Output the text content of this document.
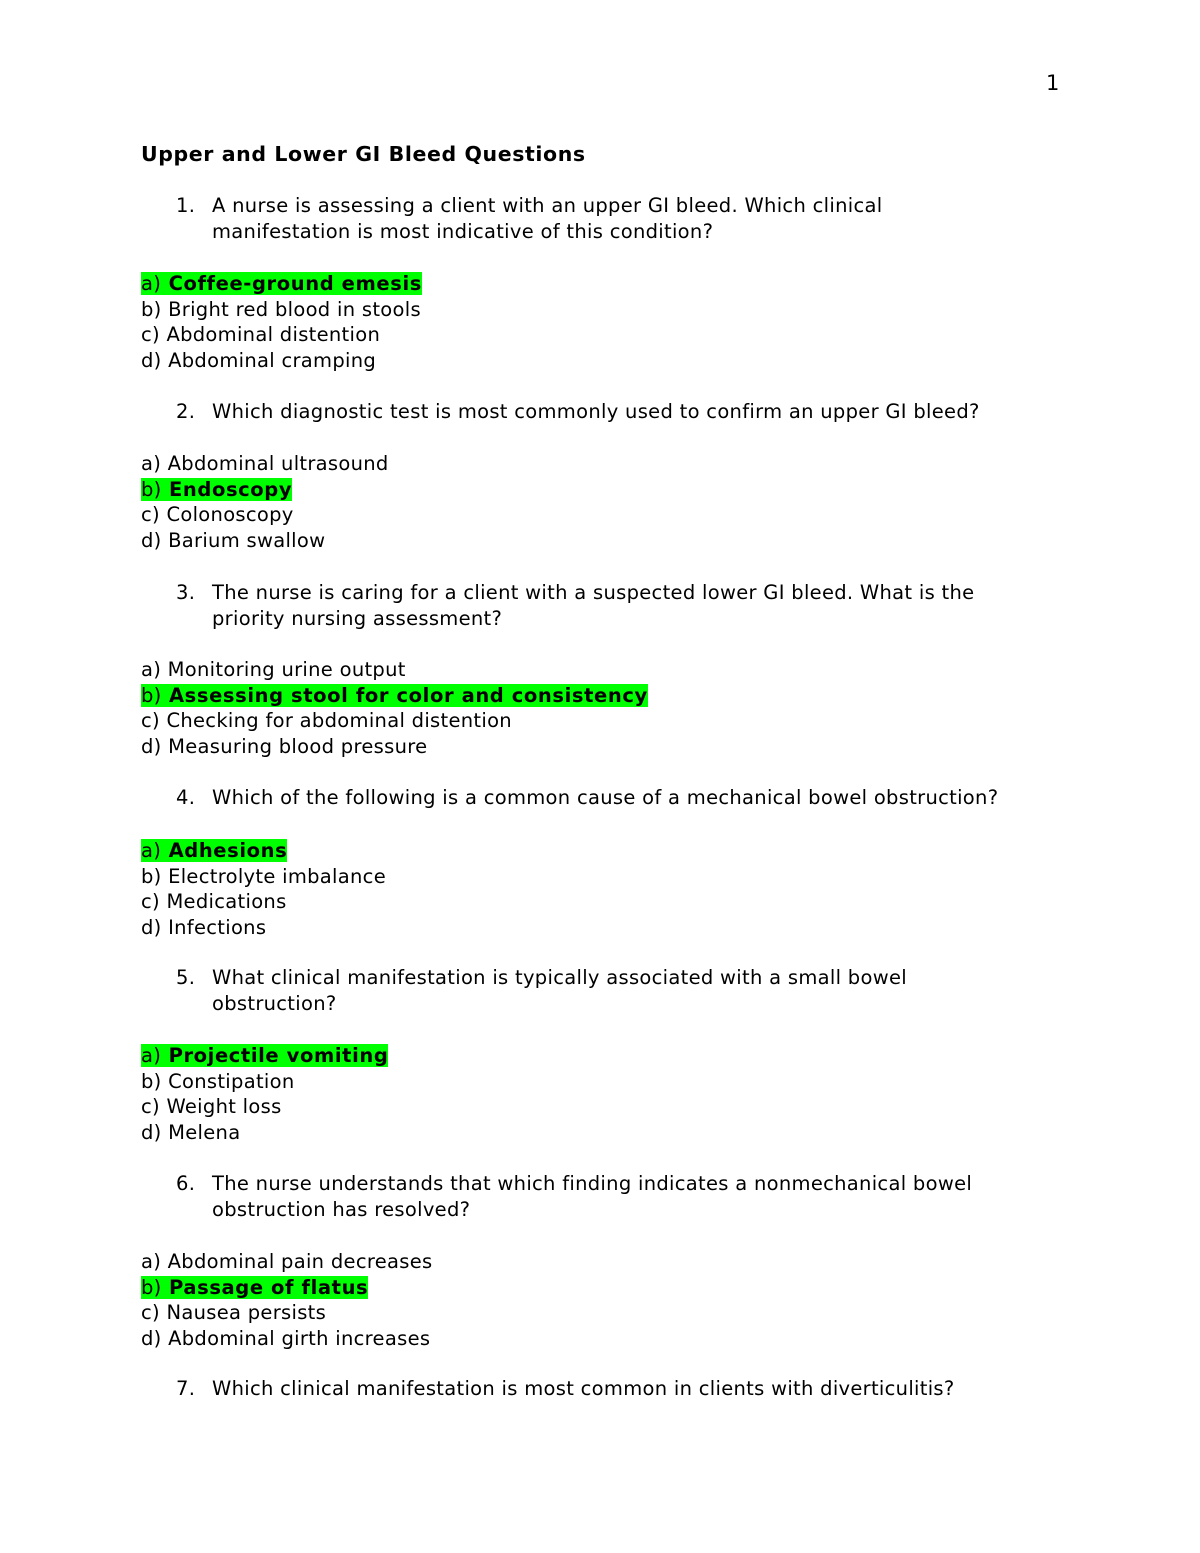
1
Upper and Lower GI Bleed Questions
1. A nurse is assessing a client with an upper GI bleed. Which clinical manifestation is most indicative of this condition?
a) Coffee-ground emesis
b) Bright red blood in stools
c) Abdominal distention
d) Abdominal cramping
2. Which diagnostic test is most commonly used to confirm an upper GI bleed?
a) Abdominal ultrasound
b) Endoscopy
c) Colonoscopy
d) Barium swallow
3. The nurse is caring for a client with a suspected lower GI bleed. What is the priority nursing assessment?
a) Monitoring urine output
b) Assessing stool for color and consistency
c) Checking for abdominal distention
d) Measuring blood pressure
4. Which of the following is a common cause of a mechanical bowel obstruction?
a) Adhesions
b) Electrolyte imbalance
c) Medications
d) Infections
5. What clinical manifestation is typically associated with a small bowel obstruction?
a) Projectile vomiting
b) Constipation
c) Weight loss
d) Melena
6. The nurse understands that which finding indicates a nonmechanical bowel obstruction has resolved?
a) Abdominal pain decreases
b) Passage of flatus
c) Nausea persists
d) Abdominal girth increases
7. Which clinical manifestation is most common in clients with diverticulitis?
